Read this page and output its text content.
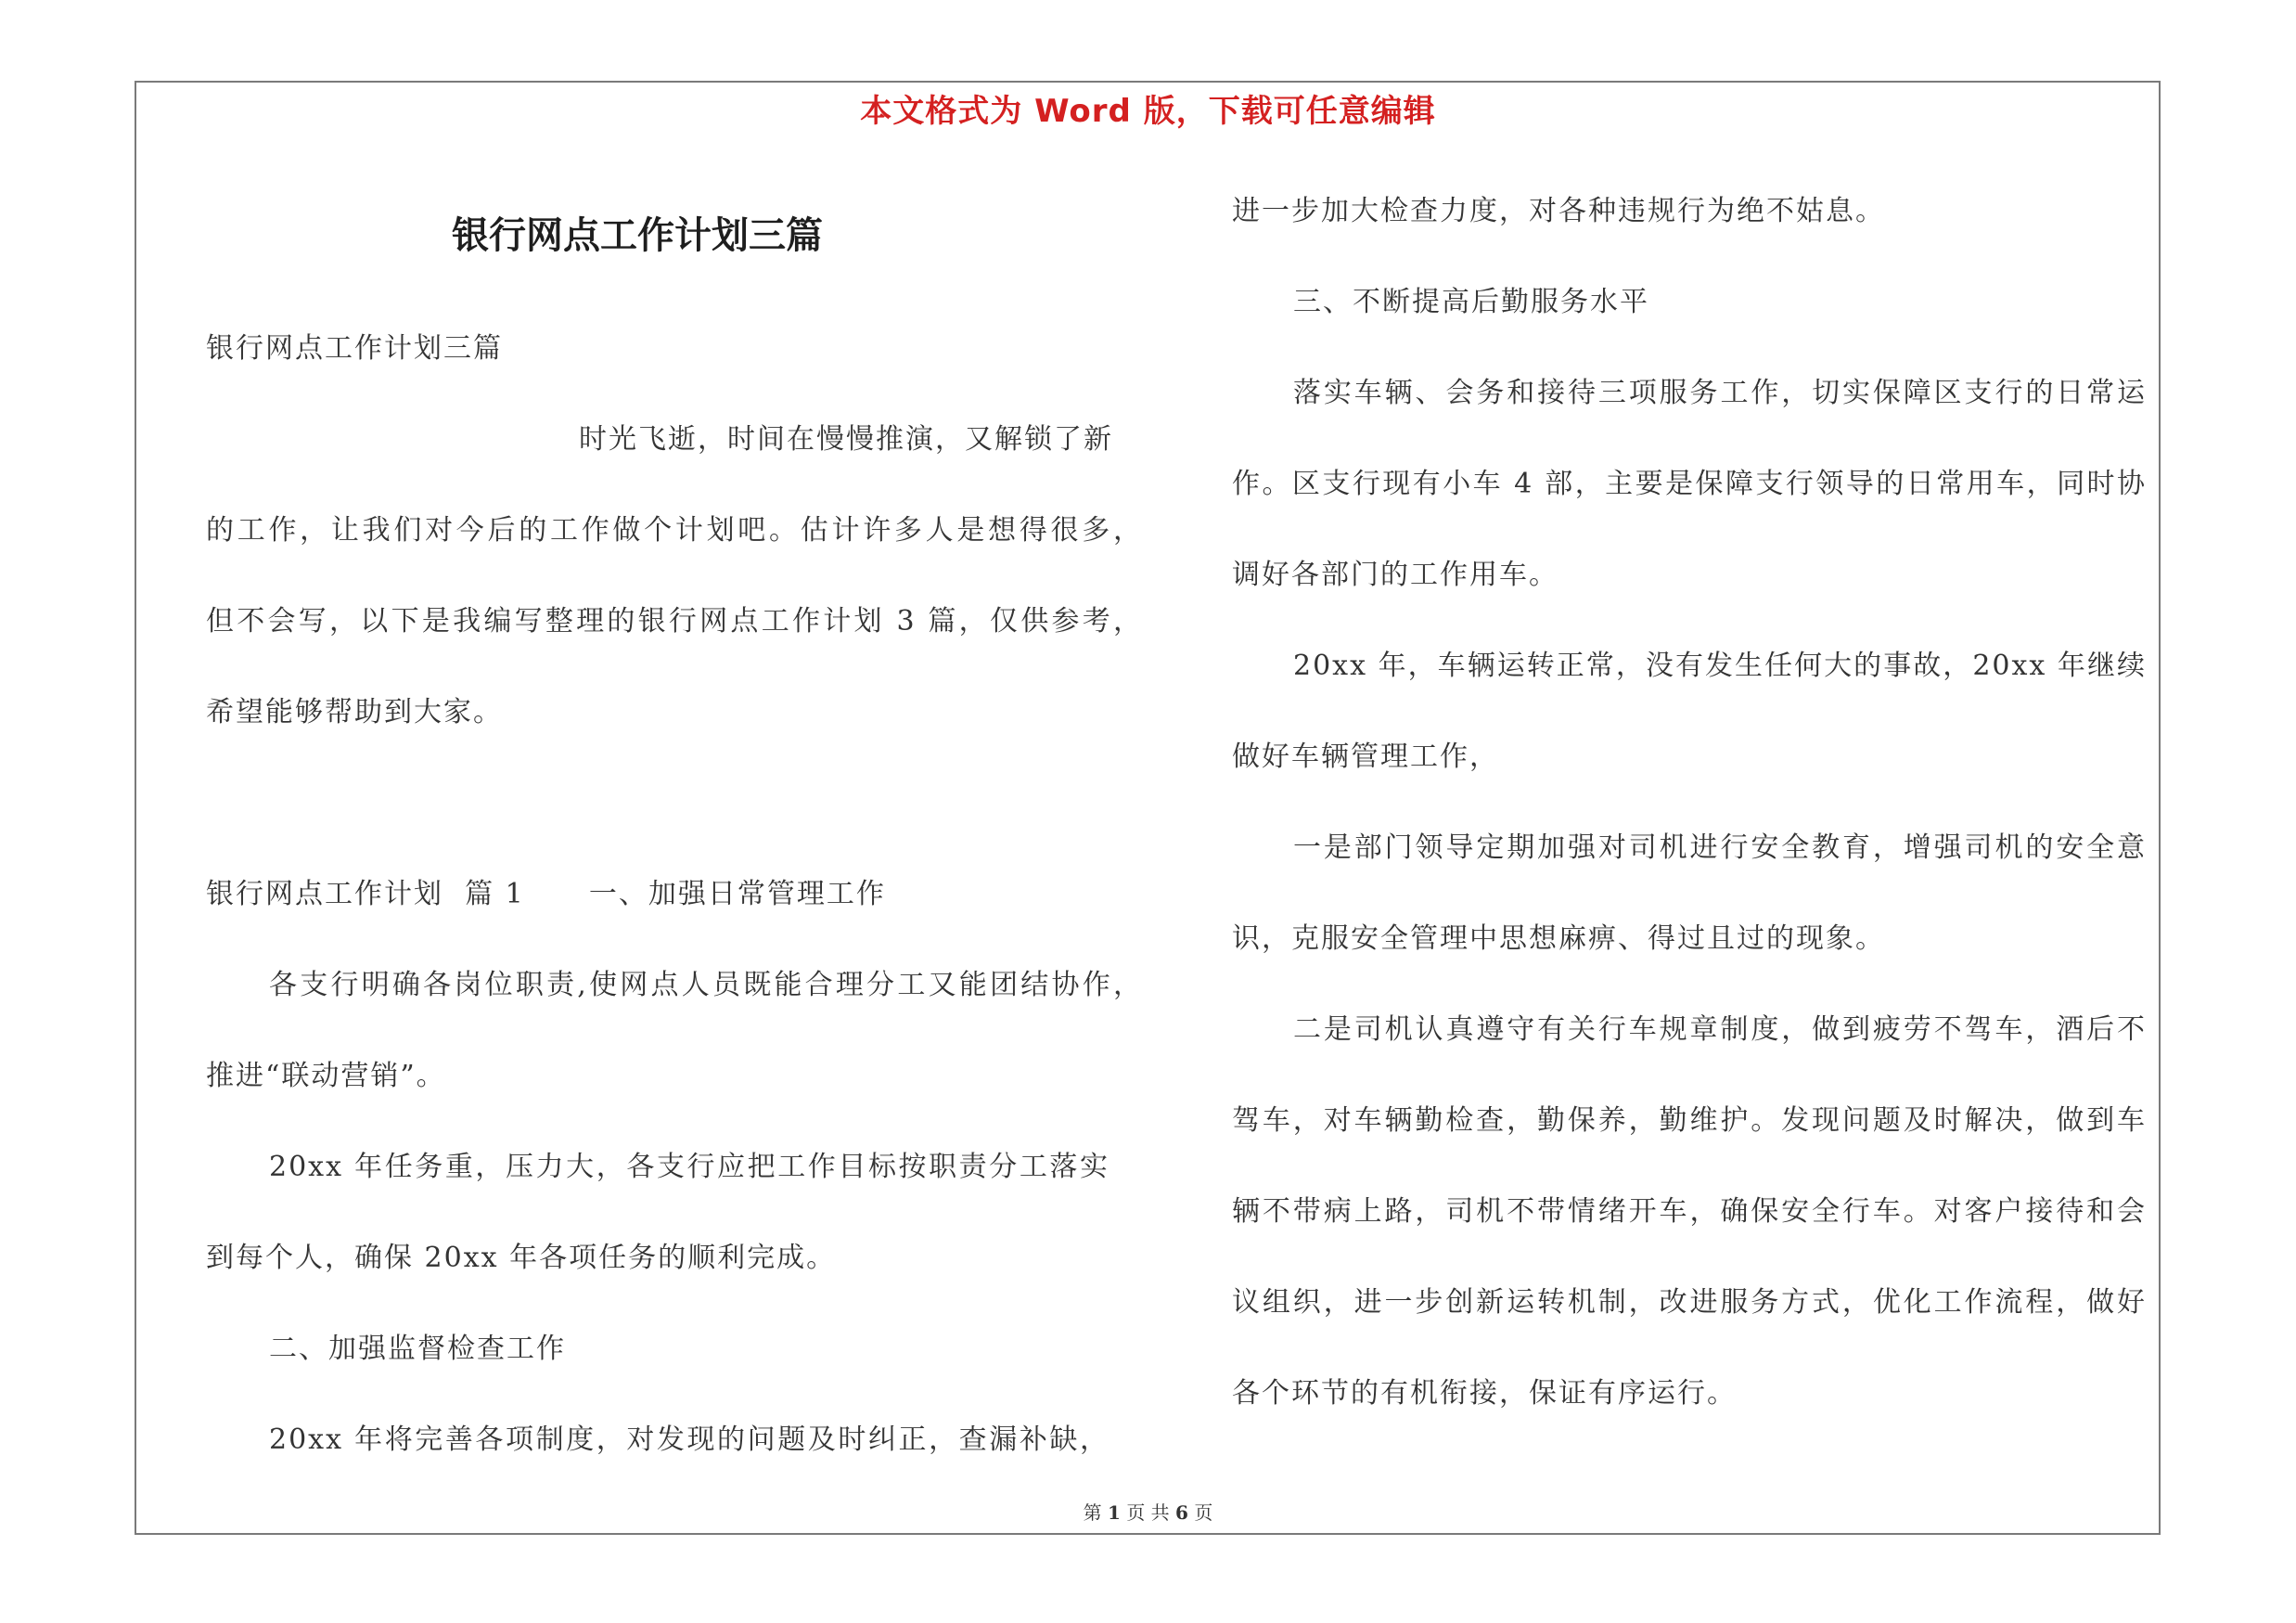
本文格式为 Word 版，下载可任意编辑
银行网点工作计划三篇
银行网点工作计划三篇
时光飞逝，时间在慢慢推演，又解锁了新
的工作，让我们对今后的工作做个计划吧。估计许多人是想得很多，
但不会写，以下是我编写整理的银行网点工作计划 3 篇，仅供参考，
希望能够帮助到大家。
银行网点工作计划  篇 1      一、加强日常管理工作
各支行明确各岗位职责,使网点人员既能合理分工又能团结协作，
推进“联动营销”。
20xx 年任务重，压力大，各支行应把工作目标按职责分工落实
到每个人，确保 20xx 年各项任务的顺利完成。
二、加强监督检查工作
20xx 年将完善各项制度，对发现的问题及时纠正，查漏补缺，
进一步加大检查力度，对各种违规行为绝不姑息。
三、不断提高后勤服务水平
落实车辆、会务和接待三项服务工作，切实保障区支行的日常运
作。区支行现有小车 4 部，主要是保障支行领导的日常用车，同时协
调好各部门的工作用车。
20xx 年，车辆运转正常，没有发生任何大的事故，20xx 年继续
做好车辆管理工作，
一是部门领导定期加强对司机进行安全教育，增强司机的安全意
识，克服安全管理中思想麻痹、得过且过的现象。
二是司机认真遵守有关行车规章制度，做到疲劳不驾车，酒后不
驾车，对车辆勤检查，勤保养，勤维护。发现问题及时解决，做到车
辆不带病上路，司机不带情绪开车，确保安全行车。对客户接待和会
议组织，进一步创新运转机制，改进服务方式，优化工作流程，做好
各个环节的有机衔接，保证有序运行。
第 1 页 共 6 页
